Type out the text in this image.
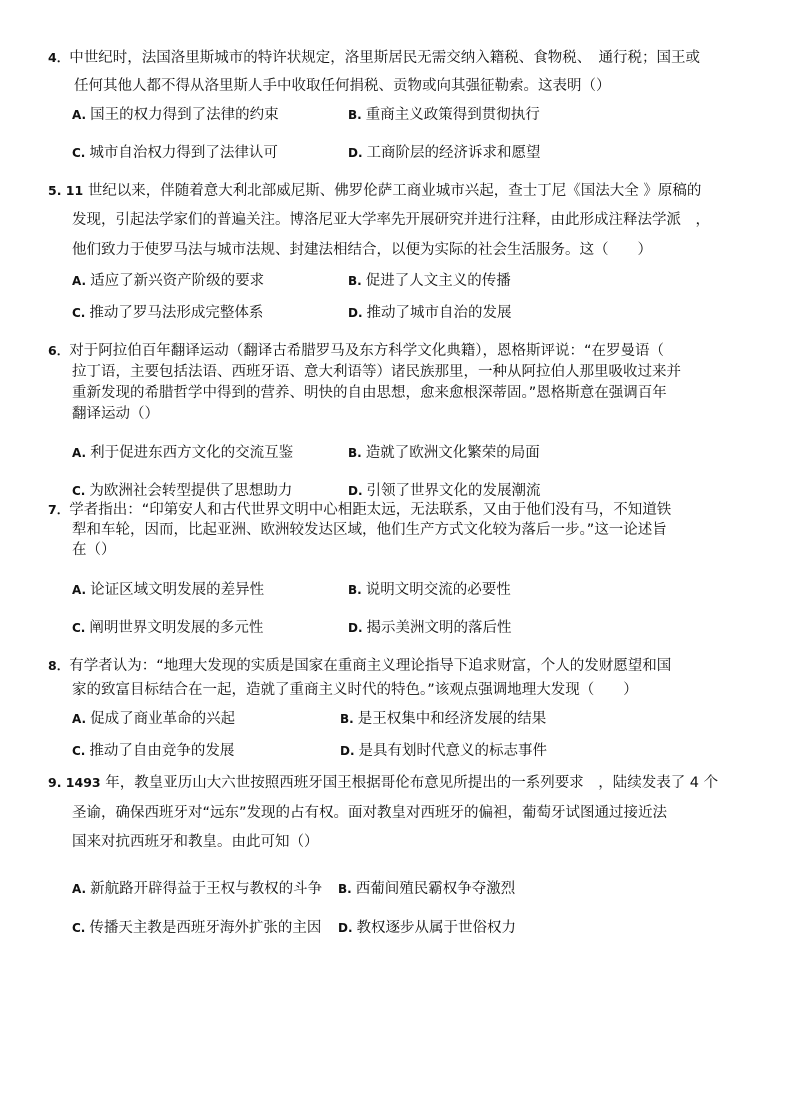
4．中世纪时，法国洛里斯城市的特许状规定，洛里斯居民无需交纳入籍税、食物税、　通行税；国王或
任何其他人都不得从洛里斯人手中收取任何捐税、贡物或向其强征勒索。这表明（）
A. 国王的权力得到了法律的约束	B. 重商主义政策得到贯彻执行
C. 城市自治权力得到了法律认可	D. 工商阶层的经济诉求和愿望
5. 11 世纪以来，伴随着意大利北部威尼斯、佛罗伦萨工商业城市兴起，查士丁尼《国法大全 》原稿的
发现，引起法学家们的普遍关注。博洛尼亚大学率先开展研究并进行注释，由此形成注释法学派　，
他们致力于使罗马法与城市法规、封建法相结合，以便为实际的社会生活服务。这（　　）
A. 适应了新兴资产阶级的要求	B. 促进了人文主义的传播
C. 推动了罗马法形成完整体系	D. 推动了城市自治的发展
6．对于阿拉伯百年翻译运动（翻译古希腊罗马及东方科学文化典籍），恩格斯评说：“在罗曼语（
拉丁语，主要包括法语、西班牙语、意大利语等）诸民族那里，一种从阿拉伯人那里吸收过来并
重新发现的希腊哲学中得到的营养、明快的自由思想，愈来愈根深蒂固。”恩格斯意在强调百年
翻译运动（）
A. 利于促进东西方文化的交流互鉴	B. 造就了欧洲文化繁荣的局面
C. 为欧洲社会转型提供了思想助力	D. 引领了世界文化的发展潮流
7．学者指出：“印第安人和古代世界文明中心相距太远，无法联系，又由于他们没有马，不知道铁
犁和车轮，因而，比起亚洲、欧洲较发达区域，他们生产方式文化较为落后一步。”这一论述旨
在（）
A. 论证区域文明发展的差异性	B. 说明文明交流的必要性
C. 阐明世界文明发展的多元性	D. 揭示美洲文明的落后性
8．有学者认为：“地理大发现的实质是国家在重商主义理论指导下追求财富，个人的发财愿望和国
家的致富目标结合在一起，造就了重商主义时代的特色。”该观点强调地理大发现（　　）
A. 促成了商业革命的兴起	B. 是王权集中和经济发展的结果
C. 推动了自由竞争的发展	D. 是具有划时代意义的标志事件
9. 1493 年，教皇亚历山大六世按照西班牙国王根据哥伦布意见所提出的一系列要求　，陆续发表了 4 个
圣谕，确保西班牙对“远东”发现的占有权。面对教皇对西班牙的偏袒，葡萄牙试图通过接近法
国来对抗西班牙和教皇。由此可知（）
A. 新航路开辟得益于王权与教权的斗争 B. 西葡间殖民霸权争夺激烈
C. 传播天主教是西班牙海外扩张的主因 D. 教权逐步从属于世俗权力
